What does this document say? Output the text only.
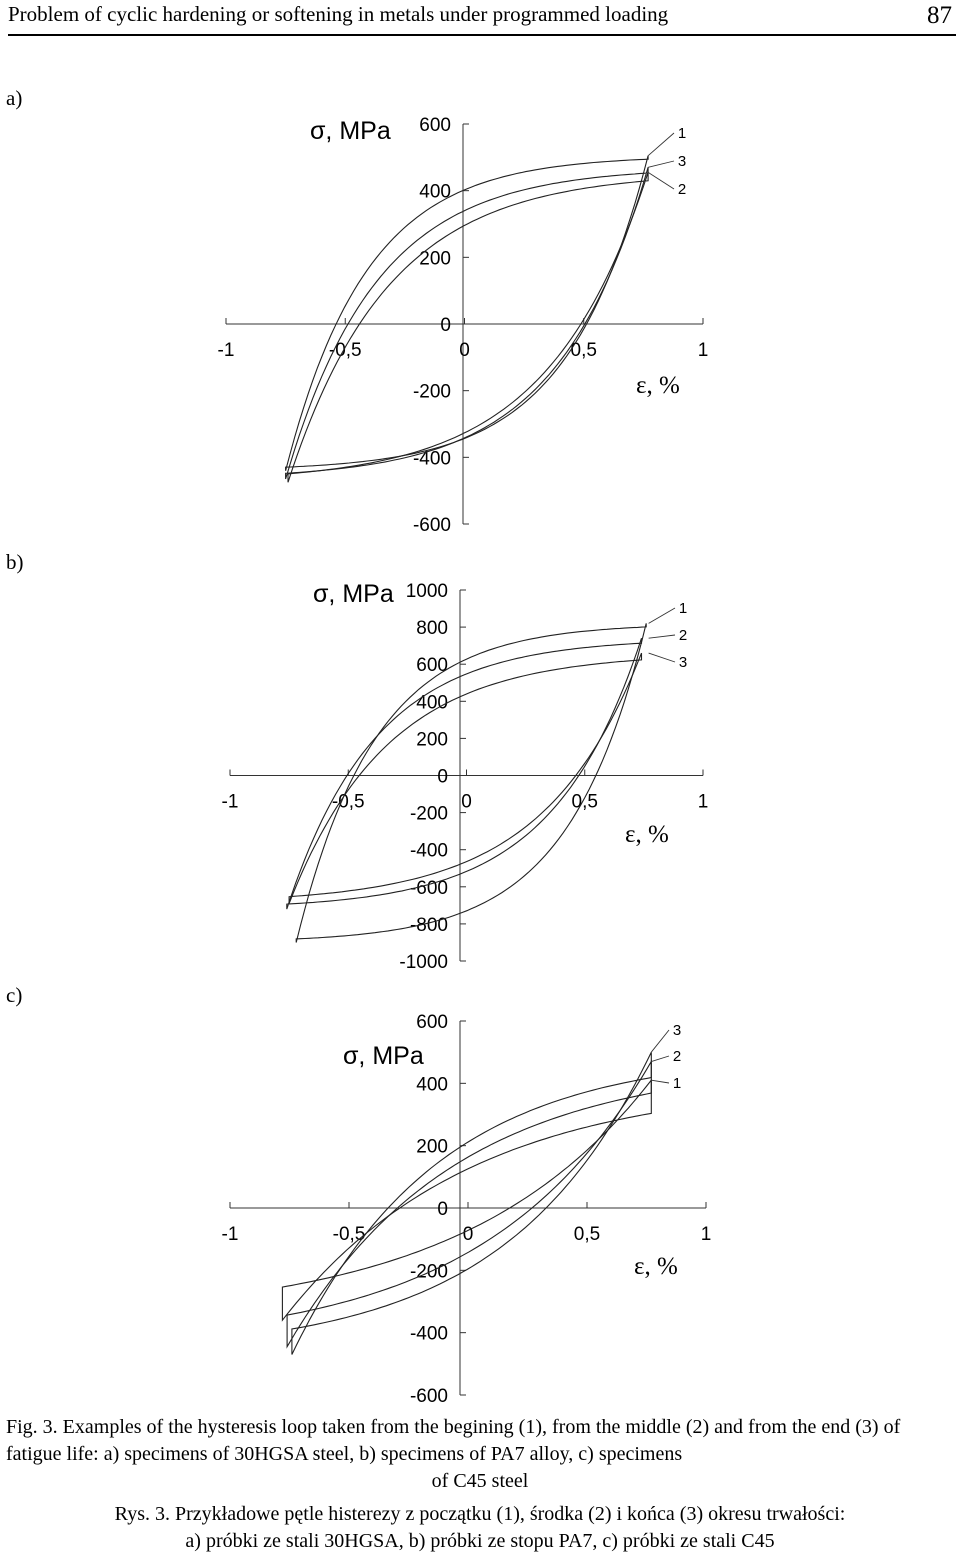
Problem of cyclic hardening or softening in metals under programmed loading	87
a)
b)
c)
-1	-0,5	0	0,5	1
600
400
200
0
-200
-400
-600
σ, MPa
ε, %
1
3
2
-1	-0,5	0	0,5	1
1000
800
600
400
200
0
-200
-400
-600
-800
-1000
σ, MPa
ε, %
1
2
3
-1	-0,5	0	0,5	1
600
400
200
0
-200
-400
-600
σ, MPa
ε, %
3
2
1
Fig. 3. Examples of the hysteresis loop taken from the begining (1), from the middle (2) and from the end (3) of fatigue life: a) specimens of 30HGSA steel, b) specimens of PA7 alloy, c) specimens
of C45 steel
Rys. 3. Przykładowe pętle histerezy z początku (1), środka (2) i końca (3) okresu trwałości:
a) próbki ze stali 30HGSA, b) próbki ze stopu PA7, c) próbki ze stali C45
